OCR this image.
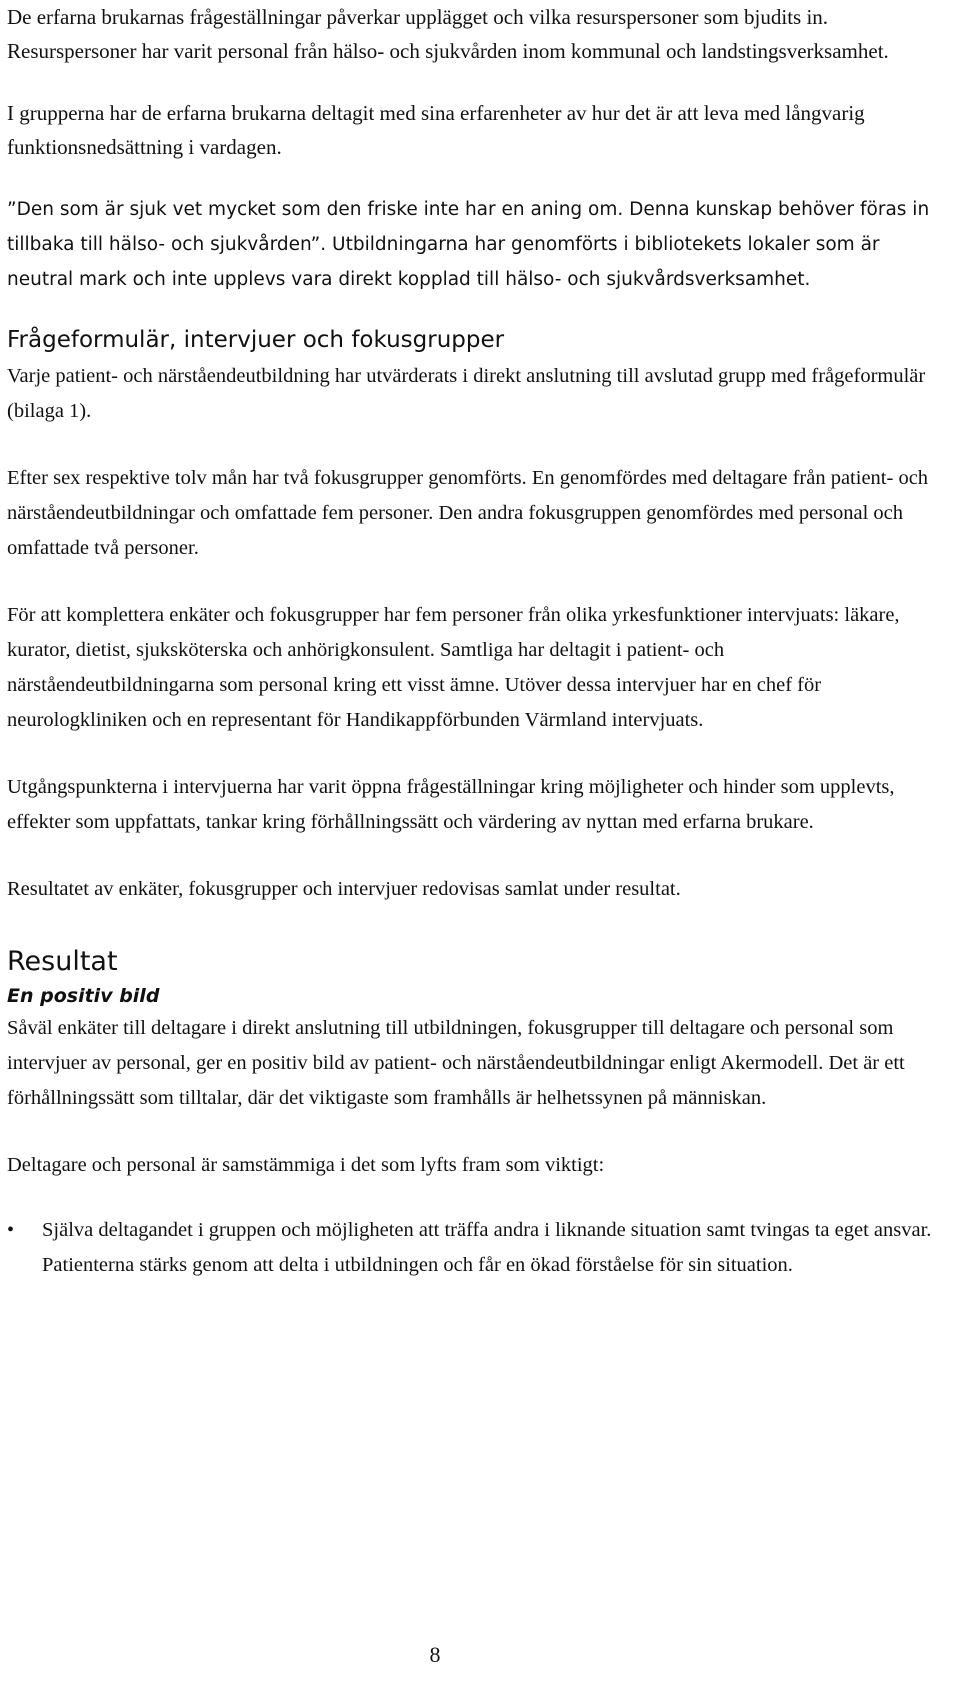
De erfarna brukarnas frågeställningar påverkar upplägget och vilka resurspersoner som bjudits in. Resurspersoner har varit personal från hälso- och sjukvården inom kommunal och landstingsverksamhet.

I grupperna har de erfarna brukarna deltagit med sina erfarenheter av hur det är att leva med långvarig funktionsnedsättning i vardagen.

”Den som är sjuk vet mycket som den friske inte har en aning om. Denna kunskap behöver föras in tillbaka till hälso- och sjukvården”. Utbildningarna har genomförts i bibliotekets lokaler som är neutral mark och inte upplevs vara direkt kopplad till hälso- och sjukvårdsverksamhet.

Frågeformulär, intervjuer och fokusgrupper

Varje patient- och närståendeutbildning har utvärderats i direkt anslutning till avslutad grupp med frågeformulär (bilaga 1).

Efter sex respektive tolv mån har två fokusgrupper genomförts. En genomfördes med deltagare från patient- och närståendeutbildningar och omfattade fem personer. Den andra fokusgruppen genomfördes med personal och omfattade två personer.

För att komplettera enkäter och fokusgrupper har fem personer från olika yrkesfunktioner intervjuats: läkare, kurator, dietist, sjuksköterska och anhörigkonsulent. Samtliga har deltagit i patient- och närståendeutbildningarna som personal kring ett visst ämne. Utöver dessa intervjuer har en chef för neurologkliniken och en representant för Handikappförbunden Värmland intervjuats.

Utgångspunkterna i intervjuerna har varit öppna frågeställningar kring möjligheter och hinder som upplevts, effekter som uppfattats, tankar kring förhållningssätt och värdering av nyttan med erfarna brukare.

Resultatet av enkäter, fokusgrupper och intervjuer redovisas samlat under resultat.

Resultat
En positiv bild

Såväl enkäter till deltagare i direkt anslutning till utbildningen, fokusgrupper till deltagare och personal som intervjuer av personal, ger en positiv bild av patient- och närståendeutbildningar enligt Akermodell. Det är ett förhållningssätt som tilltalar, där det viktigaste som framhålls är helhetssynen på människan.

Deltagare och personal är samstämmiga i det som lyfts fram som viktigt:

• Själva deltagandet i gruppen och möjligheten att träffa andra i liknande situation samt tvingas ta eget ansvar. Patienterna stärks genom att delta i utbildningen och får en ökad förståelse för sin situation.
8
